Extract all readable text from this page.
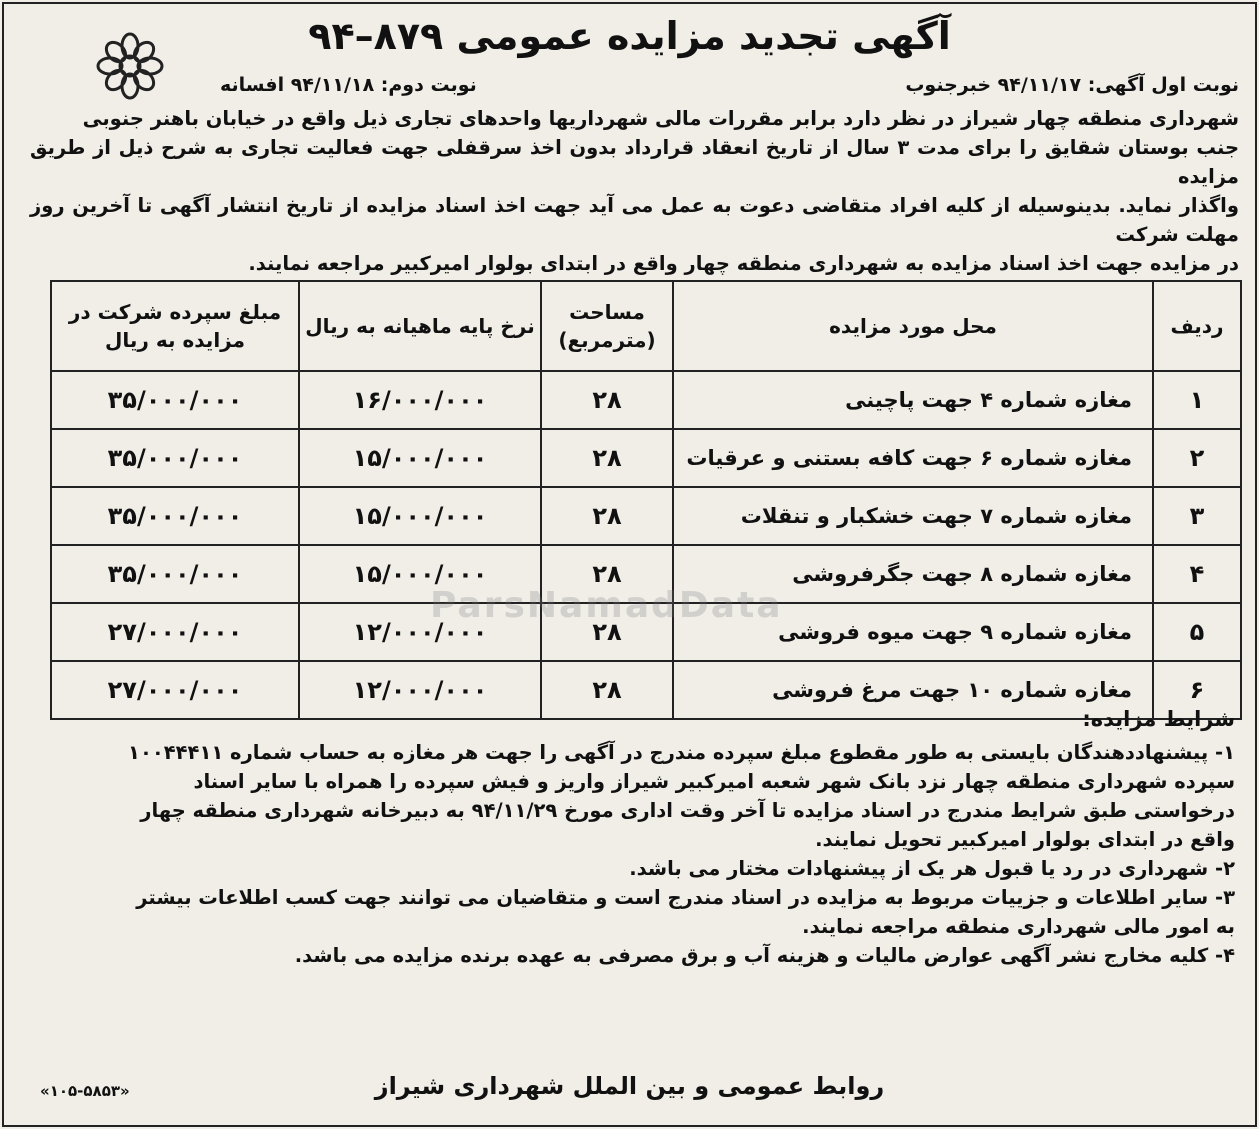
آگهی تجدید مزایده عمومی ۸۷۹–۹۴
نوبت اول آگهی: ۹۴/۱۱/۱۷ خبرجنوب
نوبت دوم: ۹۴/۱۱/۱۸ افسانه

شهرداری منطقه چهار شیراز در نظر دارد برابر مقررات مالی شهرداریها واحدهای تجاری ذیل واقع در خیابان باهنر جنوبی

جنب بوستان شقایق را برای مدت ۳ سال از تاریخ انعقاد قرارداد بدون اخذ سرقفلی جهت فعالیت تجاری به شرح ذیل از طریق مزایده

واگذار نماید. بدینوسیله از کلیه افراد متقاضی دعوت به عمل می آید جهت اخذ اسناد مزایده از تاریخ انتشار آگهی تا آخرین روز مهلت شرکت

در مزایده جهت اخذ اسناد مزایده به شهرداری منطقه چهار واقع در ابتدای بولوار امیرکبیر مراجعه نمایند.

ردیف	محل مورد مزایده	مساحت (مترمربع)	نرخ پایه ماهیانه به ریال	مبلغ سپرده شرکت در مزایده به ریال
۱	مغازه شماره ۴ جهت پاچینی	۲۸	۱۶/۰۰۰/۰۰۰	۳۵/۰۰۰/۰۰۰
۲	مغازه شماره ۶ جهت کافه بستنی و عرقیات	۲۸	۱۵/۰۰۰/۰۰۰	۳۵/۰۰۰/۰۰۰
۳	مغازه شماره ۷ جهت خشکبار و تنقلات	۲۸	۱۵/۰۰۰/۰۰۰	۳۵/۰۰۰/۰۰۰
۴	مغازه شماره ۸ جهت جگرفروشی	۲۸	۱۵/۰۰۰/۰۰۰	۳۵/۰۰۰/۰۰۰
۵	مغازه شماره ۹ جهت میوه فروشی	۲۸	۱۲/۰۰۰/۰۰۰	۲۷/۰۰۰/۰۰۰
۶	مغازه شماره ۱۰ جهت مرغ فروشی	۲۸	۱۲/۰۰۰/۰۰۰	۲۷/۰۰۰/۰۰۰
ParsNamadData
شرایط مزایده:

۱- پیشنهاددهندگان بایستی به طور مقطوع مبلغ سپرده مندرج در آگهی را جهت هر مغازه به حساب شماره ۱۰۰۴۴۴۱۱

سپرده شهرداری منطقه چهار نزد بانک شهر شعبه امیرکبیر شیراز واریز و فیش سپرده را همراه با سایر اسناد

درخواستی طبق شرایط مندرج در اسناد مزایده تا آخر وقت اداری مورخ ۹۴/۱۱/۲۹ به دبیرخانه شهرداری منطقه چهار

واقع در ابتدای بولوار امیرکبیر تحویل نمایند.

۲- شهرداری در رد یا قبول هر یک از پیشنهادات مختار می باشد.

۳- سایر اطلاعات و جزییات مربوط به مزایده در اسناد مندرج است و متقاضیان می توانند جهت کسب اطلاعات بیشتر

به امور مالی شهرداری منطقه مراجعه نمایند.

۴- کلیه مخارج نشر آگهی عوارض مالیات و هزینه آب و برق مصرفی به عهده برنده مزایده می باشد.

روابط عمومی و بین الملل شهرداری شیراز
«۱۰۵-۵۸۵۳»
